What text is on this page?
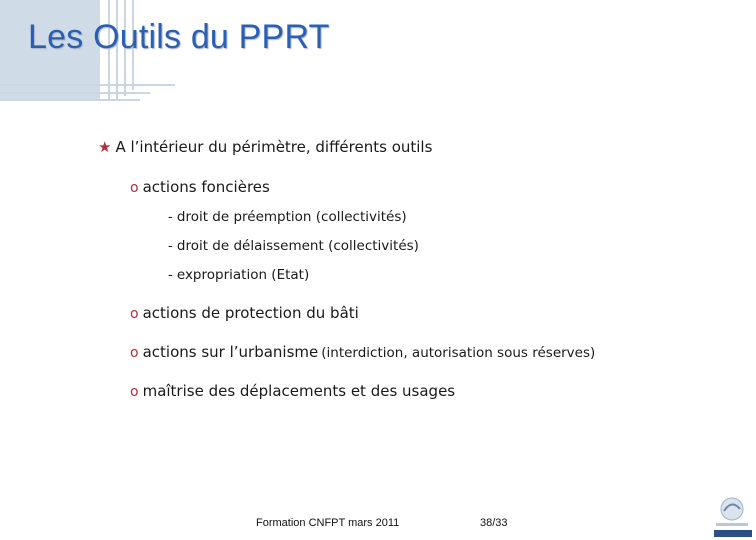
Les Outils du PPRT
★ A l’intérieur du périmètre, différents outils
o actions foncières
- droit de préemption (collectivités)
- droit de délaissement (collectivités)
- expropriation (Etat)
o actions de protection du bâti
o actions sur l’urbanisme (interdiction, autorisation sous réserves)
o maîtrise des déplacements et des usages
Formation CNFPT mars 2011	38/33
